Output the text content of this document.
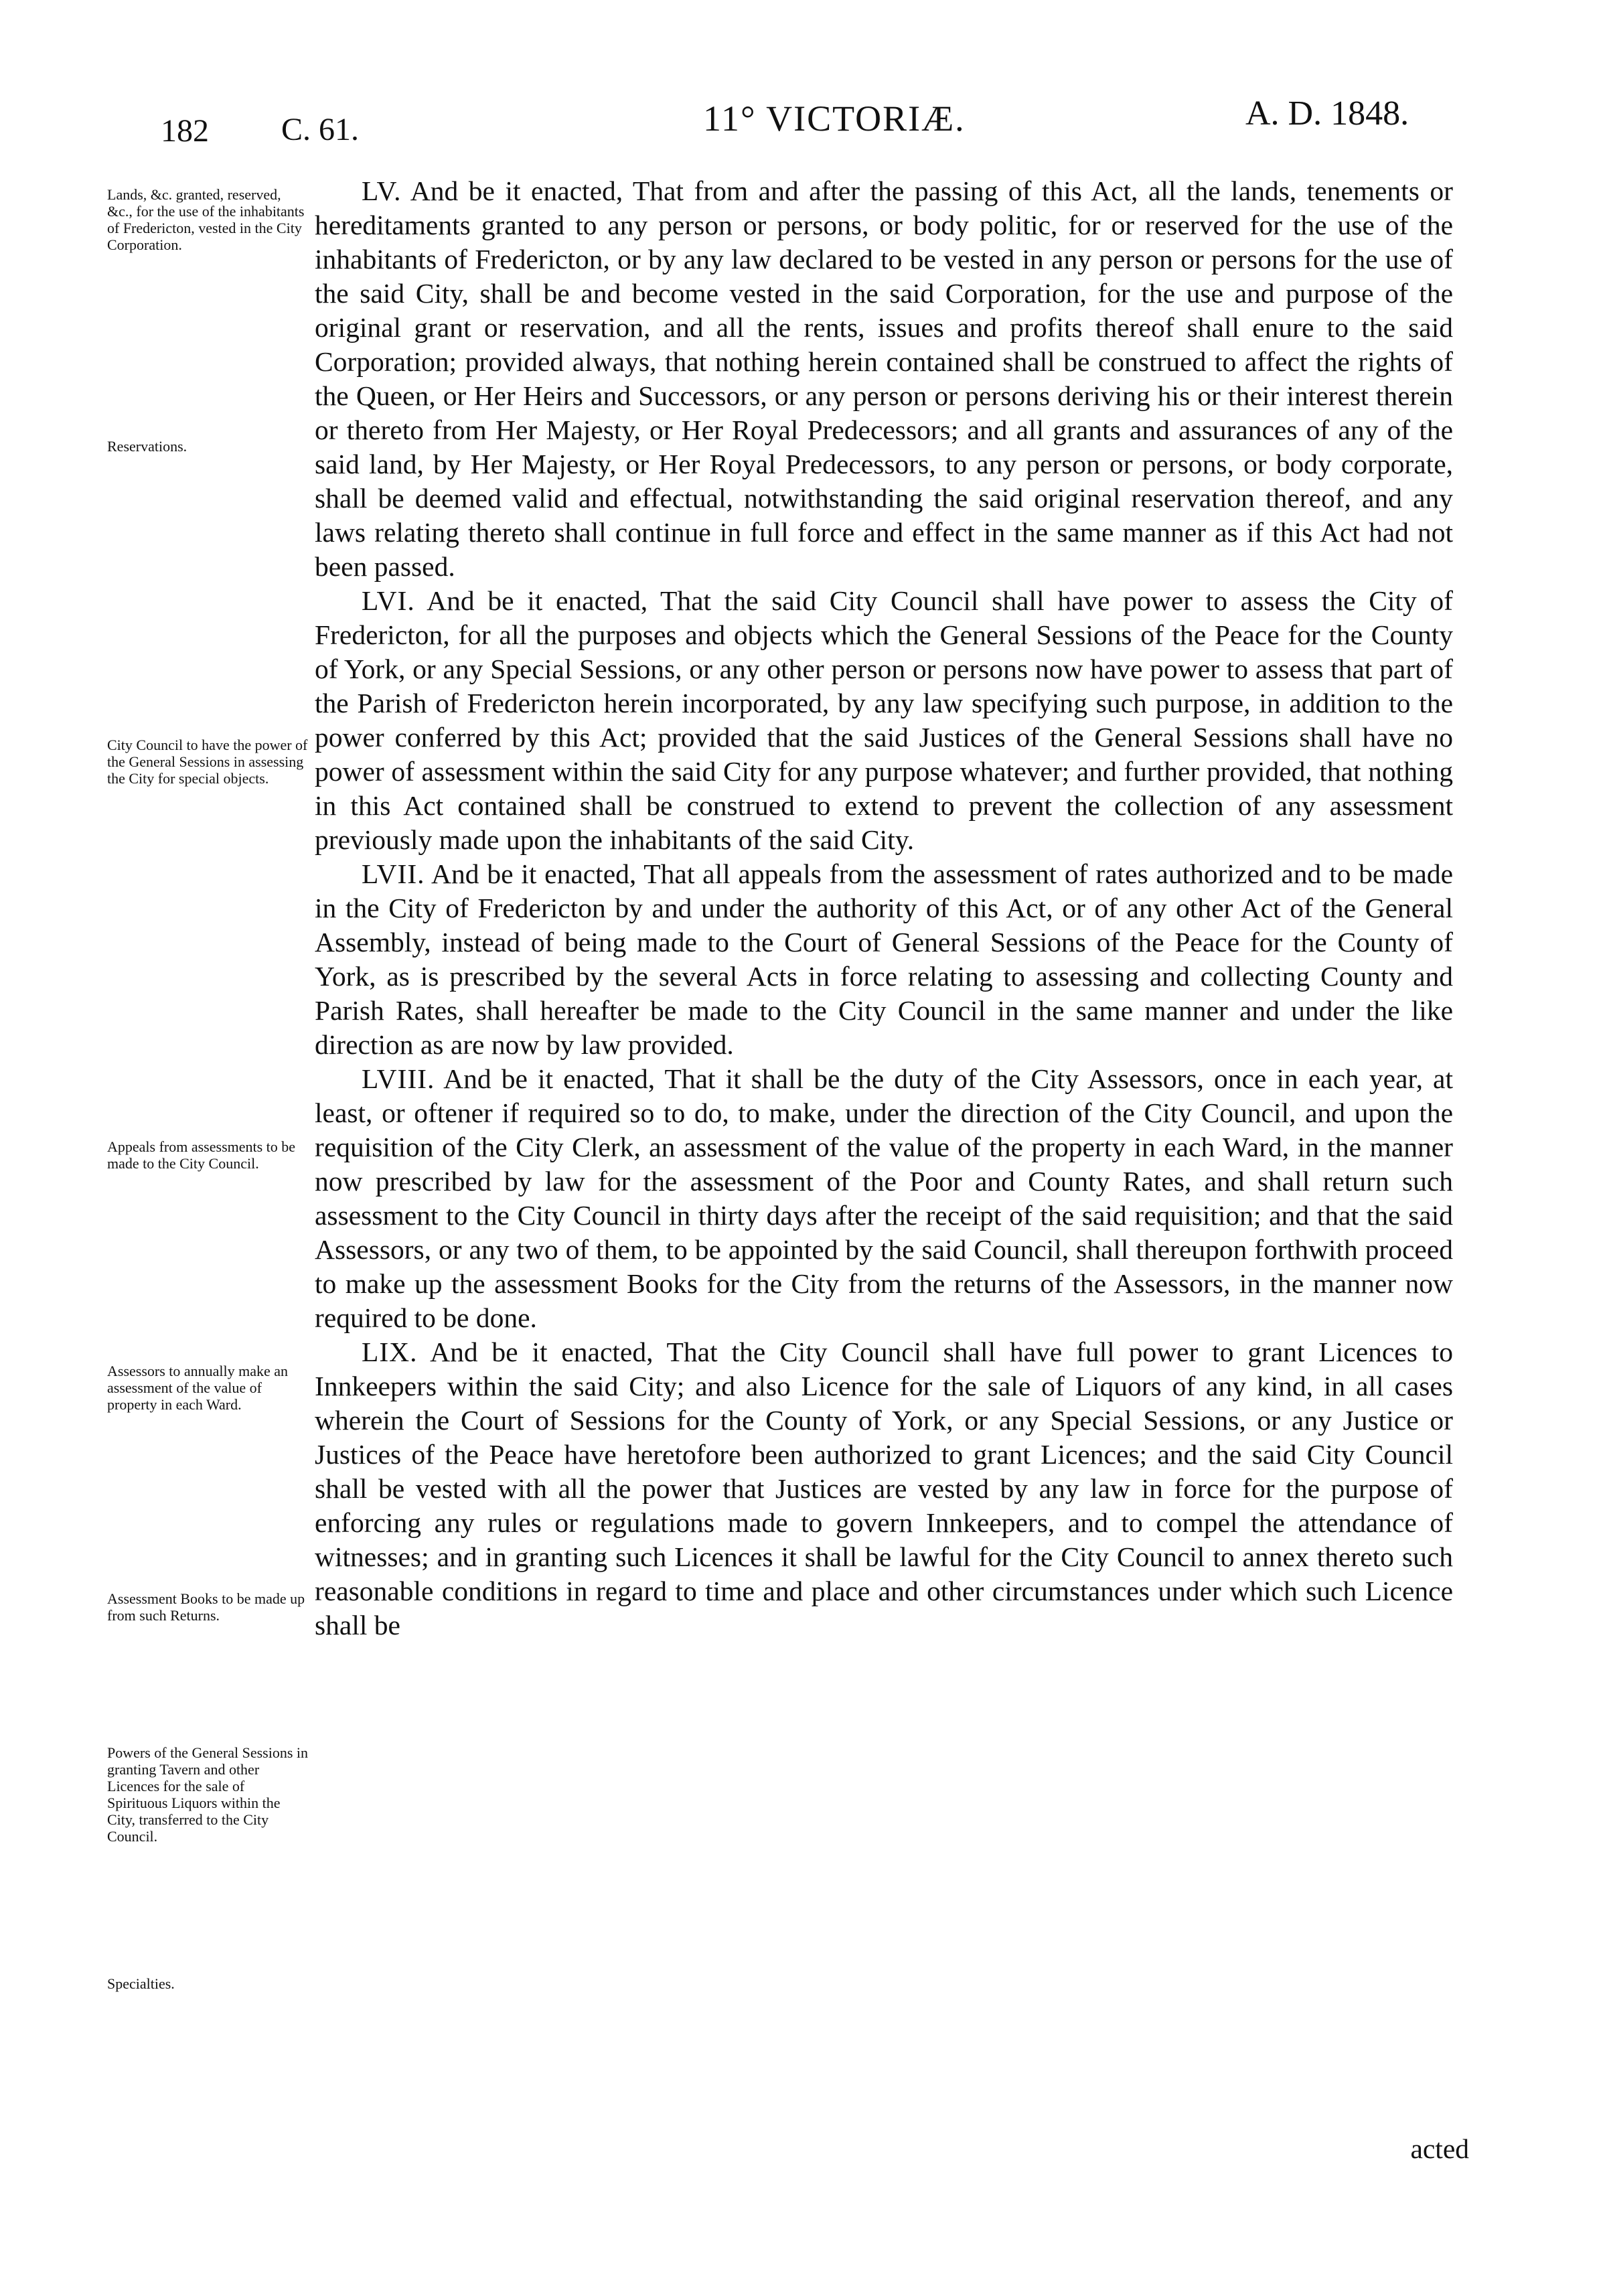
182 C. 61.	11° VICTORIÆ.	A. D. 1848.
Lands, &c. granted, reserved, &c., for the use of the inhabitants of Fredericton, vested in the City Corporation.
Reservations.
City Council to have the power of the General Sessions in assessing the City for special objects.
Appeals from assessments to be made to the City Council.
Assessors to annually make an assessment of the value of property in each Ward.
Assessment Books to be made up from such Returns.
Powers of the General Sessions in granting Tavern and other Licences for the sale of Spirituous Liquors within the City, transferred to the City Council.
Specialties.

LV. And be it enacted, That from and after the passing of this Act, all the lands, tenements or hereditaments granted to any person or persons, or body politic, for or reserved for the use of the inhabitants of Fredericton, or by any law declared to be vested in any person or persons for the use of the said City, shall be and become vested in the said Corporation, for the use and purpose of the original grant or reservation, and all the rents, issues and profits thereof shall enure to the said Corporation; provided always, that nothing herein contained shall be construed to affect the rights of the Queen, or Her Heirs and Successors, or any person or persons deriving his or their interest therein or thereto from Her Majesty, or Her Royal Predecessors; and all grants and assurances of any of the said land, by Her Majesty, or Her Royal Predecessors, to any person or persons, or body corporate, shall be deemed valid and effectual, notwithstanding the said original reservation thereof, and any laws relating thereto shall continue in full force and effect in the same manner as if this Act had not been passed.

LVI. And be it enacted, That the said City Council shall have power to assess the City of Fredericton, for all the purposes and objects which the General Sessions of the Peace for the County of York, or any Special Sessions, or any other person or persons now have power to assess that part of the Parish of Fredericton herein incorporated, by any law specifying such purpose, in addition to the power conferred by this Act; provided that the said Justices of the General Sessions shall have no power of assessment within the said City for any purpose whatever; and further provided, that nothing in this Act contained shall be construed to extend to prevent the collection of any assessment previously made upon the inhabitants of the said City.

LVII. And be it enacted, That all appeals from the assessment of rates authorized and to be made in the City of Fredericton by and under the authority of this Act, or of any other Act of the General Assembly, instead of being made to the Court of General Sessions of the Peace for the County of York, as is prescribed by the several Acts in force relating to assessing and collecting County and Parish Rates, shall hereafter be made to the City Council in the same manner and under the like direction as are now by law provided.

LVIII. And be it enacted, That it shall be the duty of the City Assessors, once in each year, at least, or oftener if required so to do, to make, under the direction of the City Council, and upon the requisition of the City Clerk, an assessment of the value of the property in each Ward, in the manner now prescribed by law for the assessment of the Poor and County Rates, and shall return such assessment to the City Council in thirty days after the receipt of the said requisition; and that the said Assessors, or any two of them, to be appointed by the said Council, shall thereupon forthwith proceed to make up the assessment Books for the City from the returns of the Assessors, in the manner now required to be done.

LIX. And be it enacted, That the City Council shall have full power to grant Licences to Innkeepers within the said City; and also Licence for the sale of Liquors of any kind, in all cases wherein the Court of Sessions for the County of York, or any Special Sessions, or any Justice or Justices of the Peace have heretofore been authorized to grant Licences; and the said City Council shall be vested with all the power that Justices are vested by any law in force for the purpose of enforcing any rules or regulations made to govern Innkeepers, and to compel the attendance of witnesses; and in granting such Licences it shall be lawful for the City Council to annex thereto such reasonable conditions in regard to time and place and other circumstances under which such Licence shall be

acted
